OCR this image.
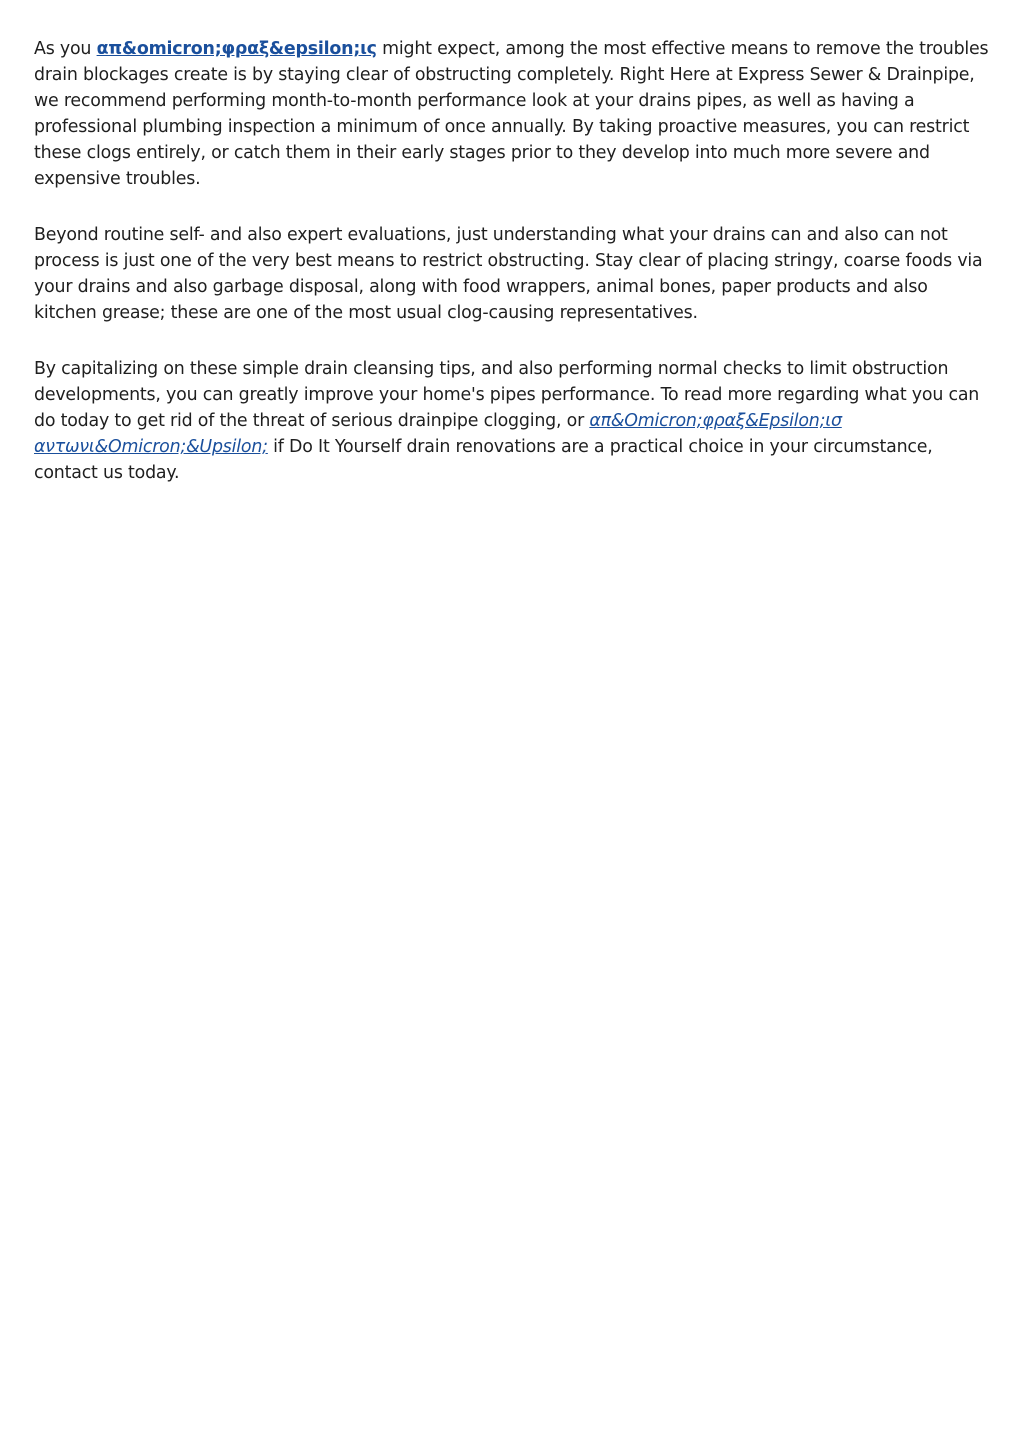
As you απ&omicron;φραξ&epsilon;ις might expect, among the most effective means to remove the troubles drain blockages create is by staying clear of obstructing completely. Right Here at Express Sewer & Drainpipe, we recommend performing month-to-month performance look at your drains pipes, as well as having a professional plumbing inspection a minimum of once annually. By taking proactive measures, you can restrict these clogs entirely, or catch them in their early stages prior to they develop into much more severe and expensive troubles.

Beyond routine self- and also expert evaluations, just understanding what your drains can and also can not process is just one of the very best means to restrict obstructing. Stay clear of placing stringy, coarse foods via your drains and also garbage disposal, along with food wrappers, animal bones, paper products and also kitchen grease; these are one of the most usual clog-causing representatives.

By capitalizing on these simple drain cleansing tips, and also performing normal checks to limit obstruction developments, you can greatly improve your home's pipes performance. To read more regarding what you can do today to get rid of the threat of serious drainpipe clogging, or απ&Omicron;φραξ&Epsilon;ισ αντωνι&Omicron;&Upsilon; if Do It Yourself drain renovations are a practical choice in your circumstance, contact us today.
